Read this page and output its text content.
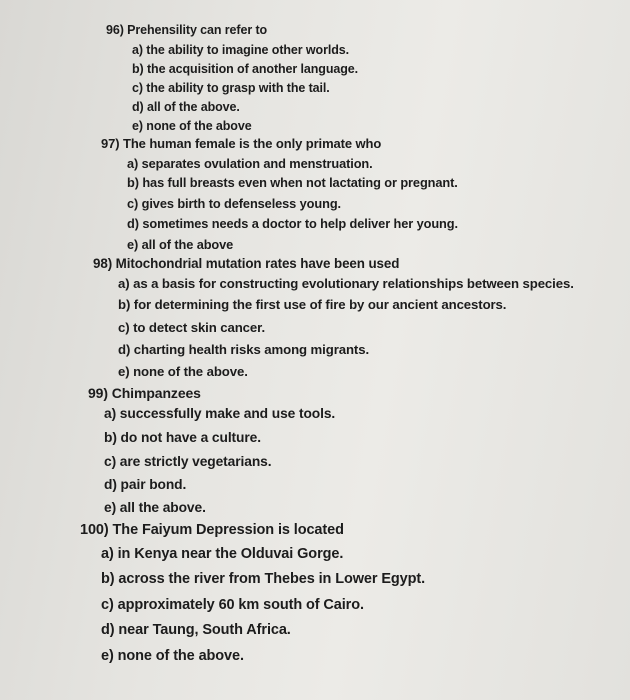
96) Prehensility can refer to
a) the ability to imagine other worlds.
b) the acquisition of another language.
c) the ability to grasp with the tail.
d) all of the above.
e) none of the above
97) The human female is the only primate who
a) separates ovulation and menstruation.
b) has full breasts even when not lactating or pregnant.
c) gives birth to defenseless young.
d) sometimes needs a doctor to help deliver her young.
e) all of the above
98) Mitochondrial mutation rates have been used
a) as a basis for constructing evolutionary relationships between species.
b) for determining the first use of fire by our ancient ancestors.
c) to detect skin cancer.
d) charting health risks among migrants.
e) none of the above.
99) Chimpanzees
a) successfully make and use tools.
b) do not have a culture.
c) are strictly vegetarians.
d) pair bond.
e) all the above.
100) The Faiyum Depression is located
a) in Kenya near the Olduvai Gorge.
b) across the river from Thebes in Lower Egypt.
c) approximately 60 km south of Cairo.
d) near Taung, South Africa.
e) none of the above.
